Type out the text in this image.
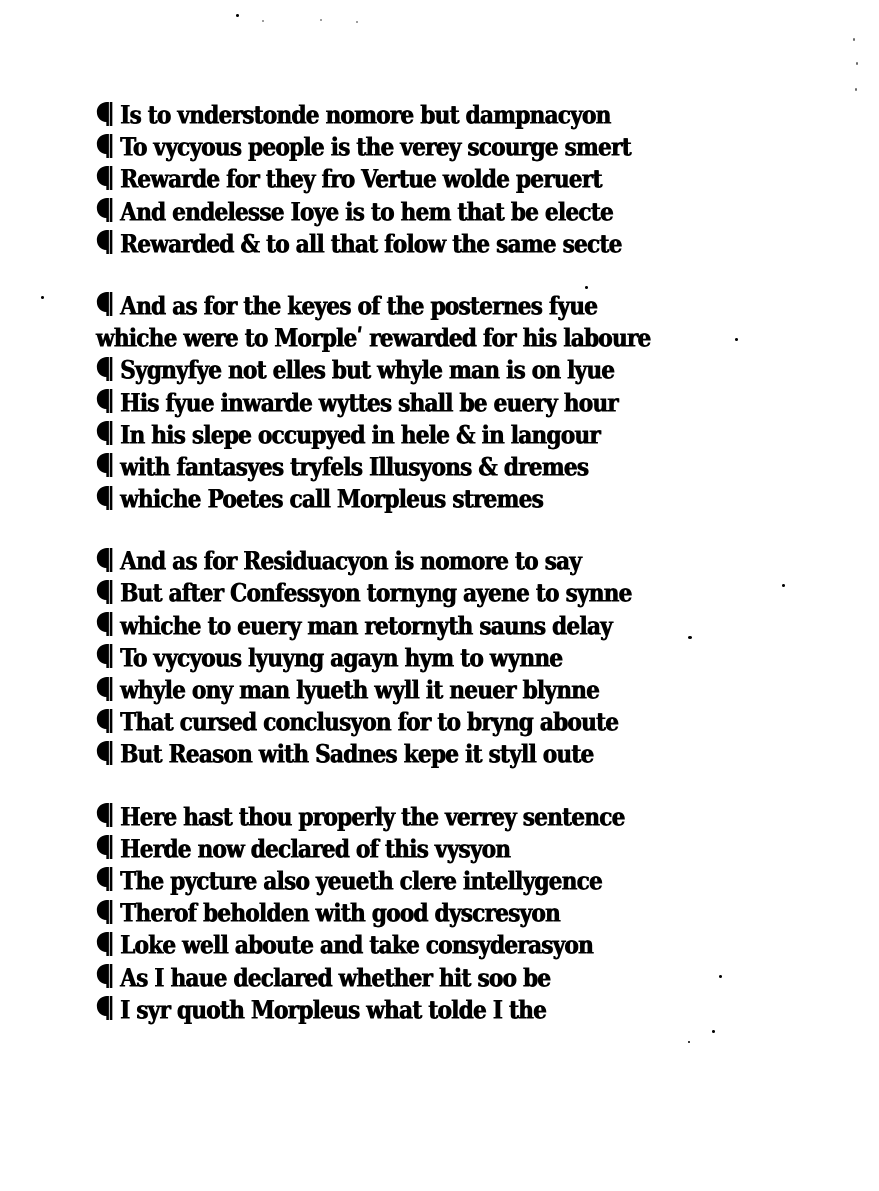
Is to vnderstonde nomore but dampnacyon
To vycyous people is the verey scourge smert
Rewarde for they fro Vertue wolde peruert
And endelesse Ioye is to hem that be electe
Rewarded & to all that folow the same secte
And as for the keyes of the posternes fyue
whiche were to Morpleʹ rewarded for his laboure
Sygnyfye not elles but whyle man is on lyue
His fyue inwarde wyttes shall be euery hour
In his slepe occupyed in hele & in langour
with fantasyes tryfels Illusyons & dremes
whiche Poetes call Morpleus stremes
And as for Residuacyon is nomore to say
But after Confessyon tornyng ayene to synne
whiche to euery man retornyth sauns delay
To vycyous lyuyng agayn hym to wynne
whyle ony man lyueth wyll it neuer blynne
That cursed conclusyon for to bryng aboute
But Reason with Sadnes kepe it styll oute
Here hast thou properly the verrey sentence
Herde now declared of this vysyon
The pycture also yeueth clere intellygence
Therof beholden with good dyscresyon
Loke well aboute and take consyderasyon
As I haue declared whether hit soo be
I syr quoth Morpleus what tolde I the
